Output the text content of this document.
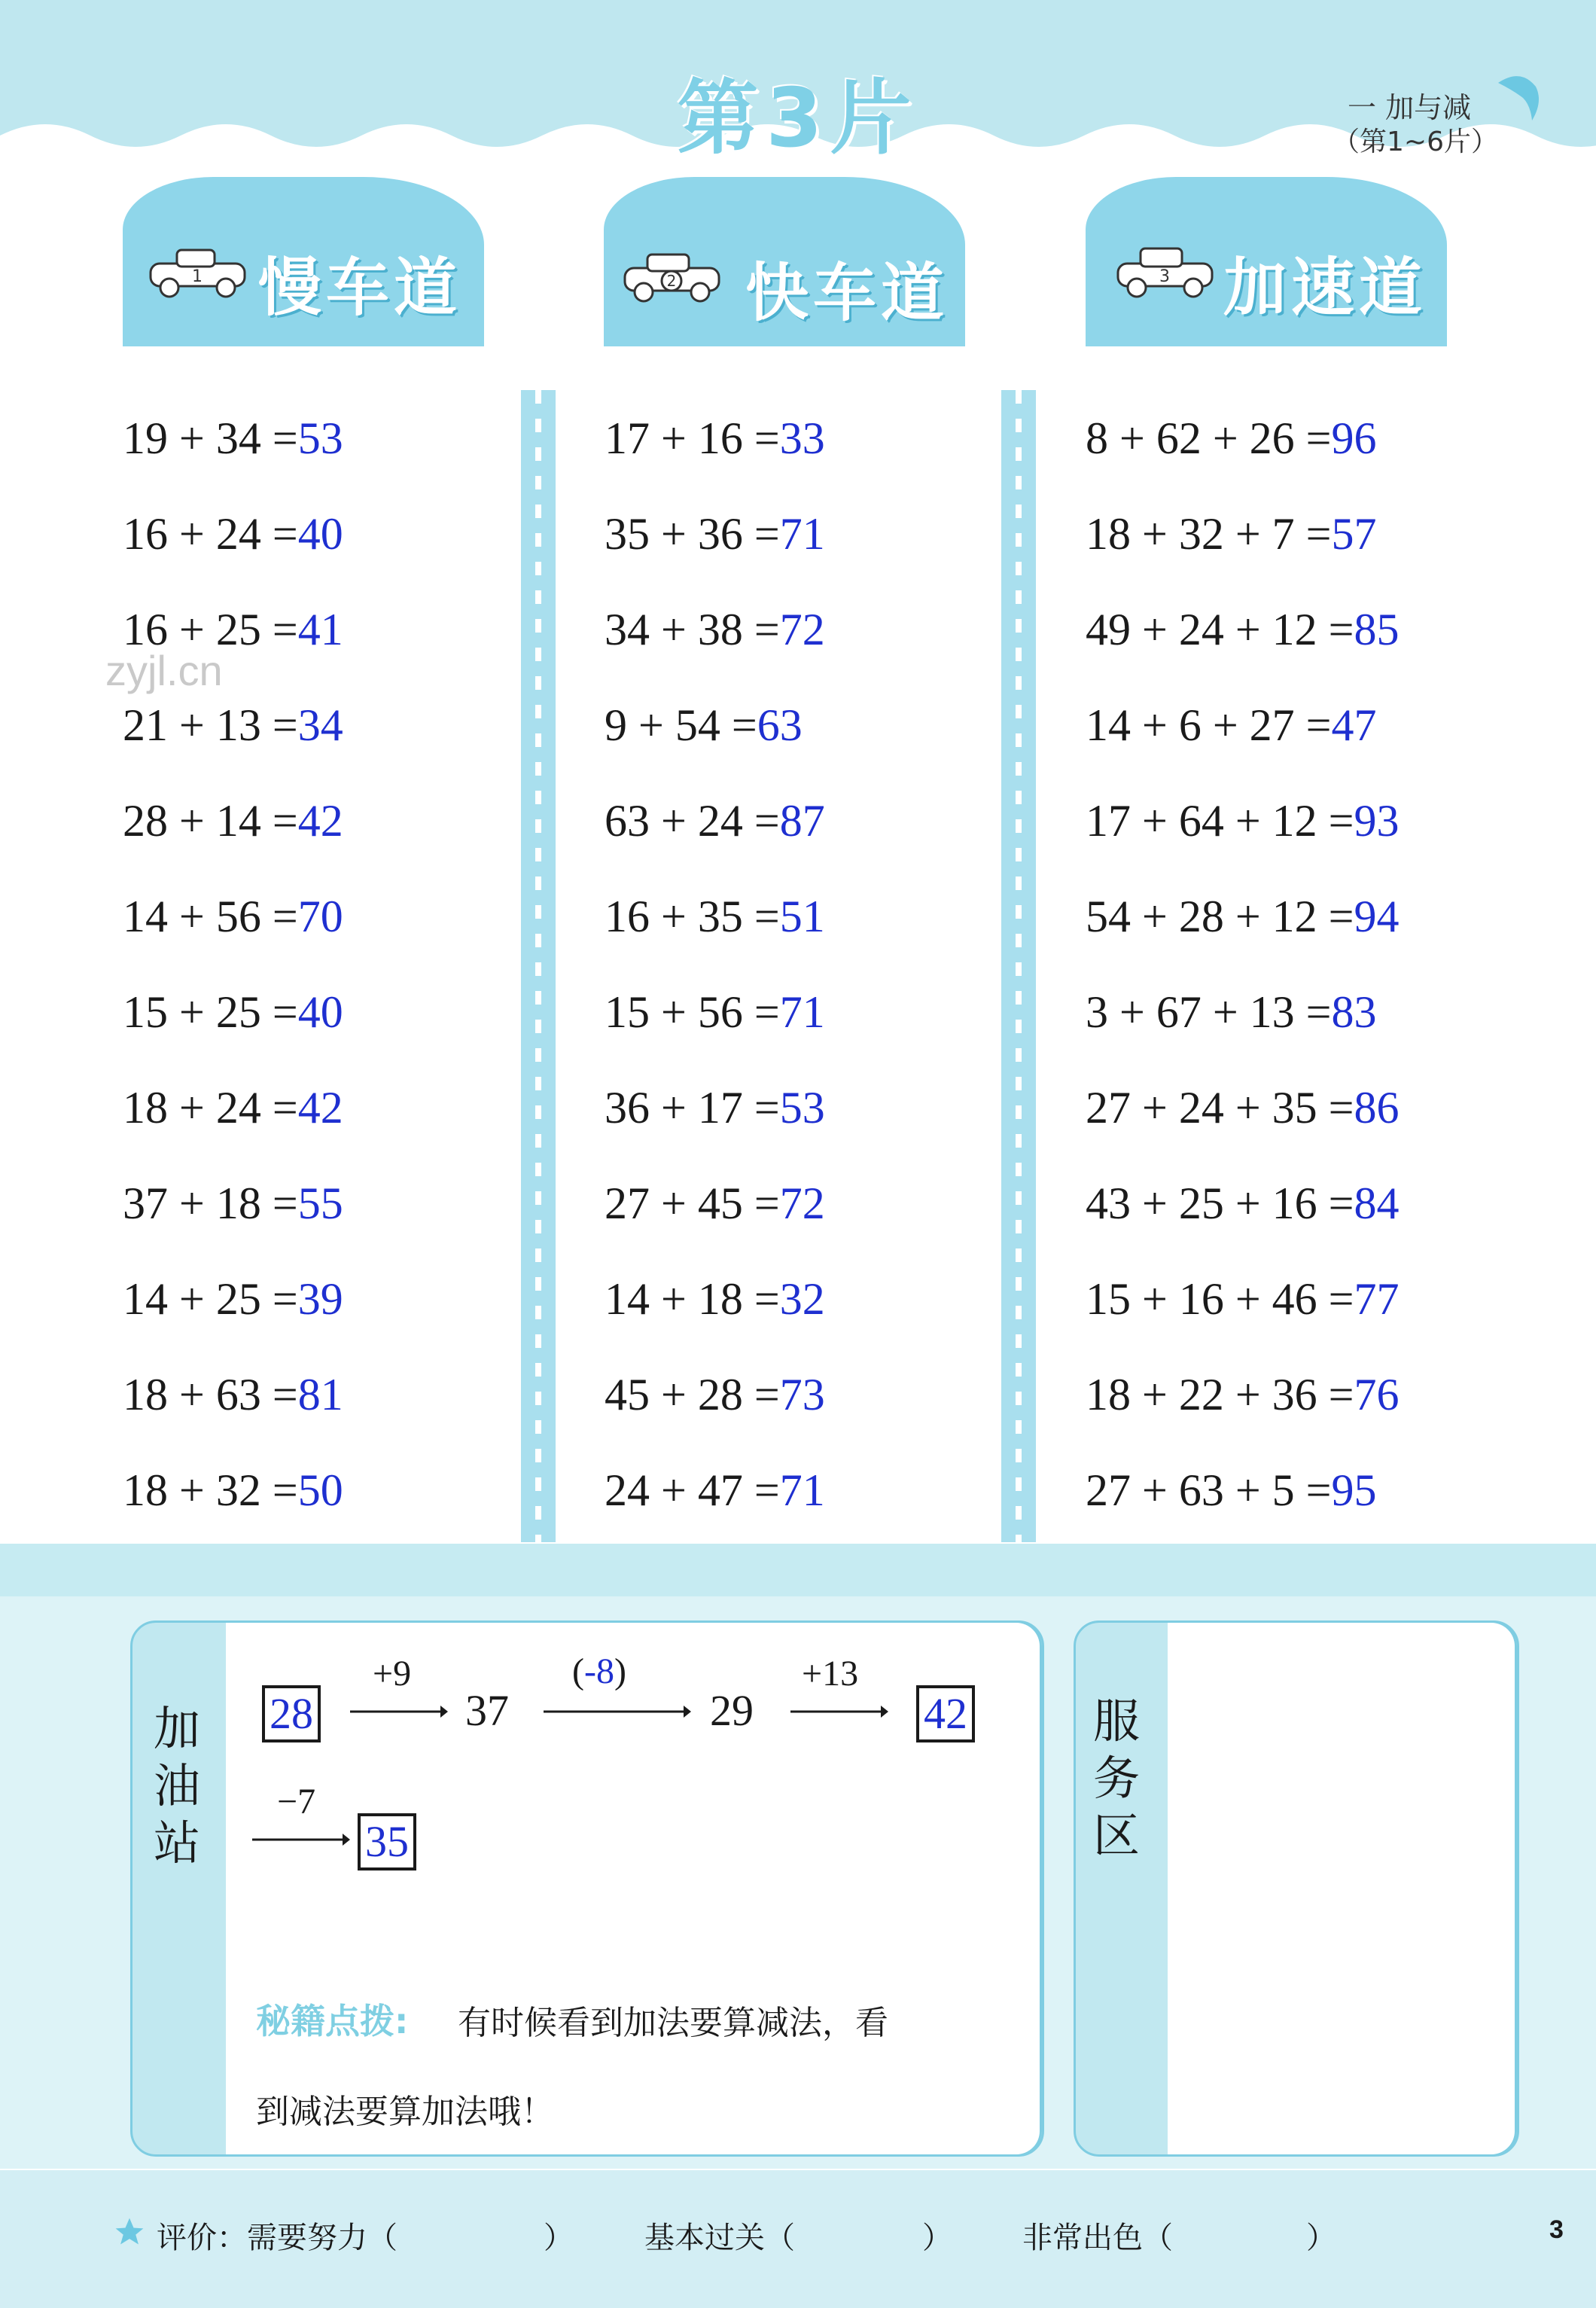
第3片	一 加与减
（第1~6片）
1	2	3
慢车道	快车道	加速道
zyjl.cn
19 + 34 =53
16 + 24 =40
16 + 25 =41
21 + 13 =34
28 + 14 =42
14 + 56 =70
15 + 25 =40
18 + 24 =42
37 + 18 =55
14 + 25 =39
18 + 63 =81
18 + 32 =50
17 + 16 =33
35 + 36 =71
34 + 38 =72
9 + 54 =63
63 + 24 =87
16 + 35 =51
15 + 56 =71
36 + 17 =53
27 + 45 =72
14 + 18 =32
45 + 28 =73
24 + 47 =71
8 + 62 + 26 =96
18 + 32 + 7 =57
49 + 24 + 12 =85
14 + 6 + 27 =47
17 + 64 + 12 =93
54 + 28 + 12 =94
3 + 67 + 13 =83
27 + 24 + 35 =86
43 + 25 + 16 =84
15 + 16 + 46 =77
18 + 22 + 36 =76
27 + 63 + 5 =95
加油站
28
+9
37
(-8)
29
+13
42
−7
35
秘籍点拨: 有时候看到加法要算减法，看
到减法要算加法哦！
服务区
评价：需要努力（	） 基本过关（	） 非常出色（	）	3
